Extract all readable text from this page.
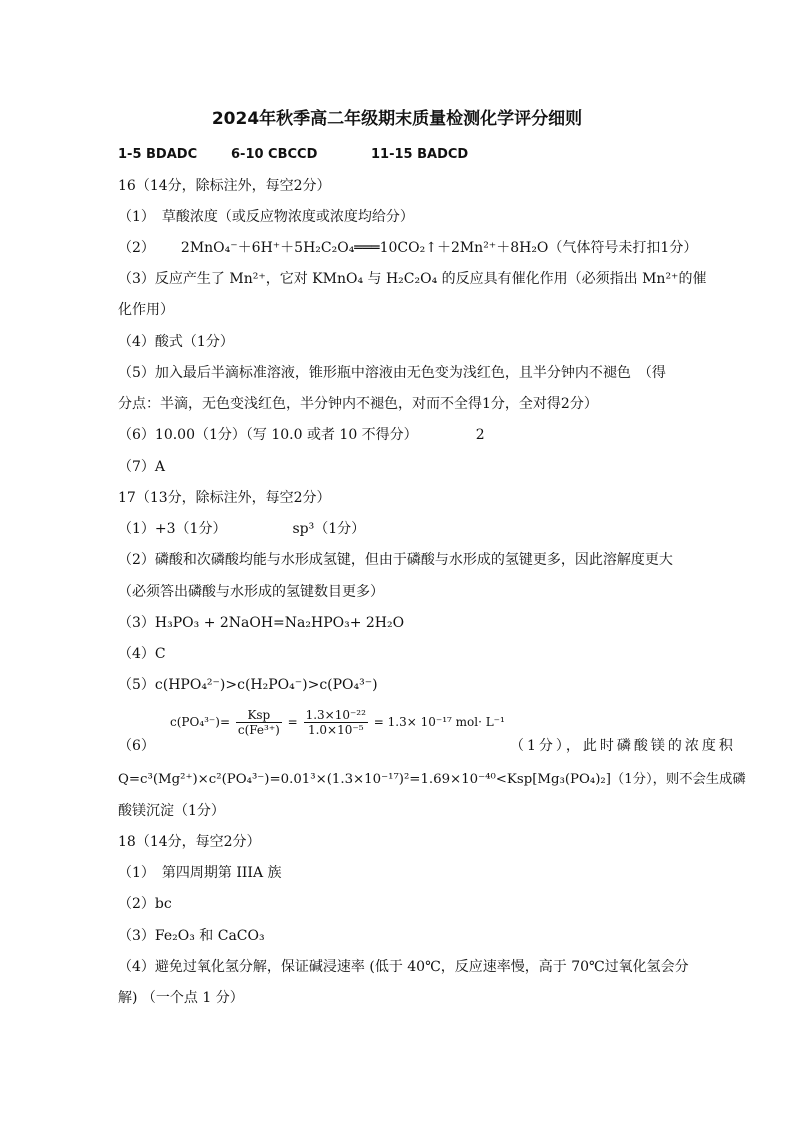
2024年秋季高二年级期末质量检测化学评分细则
1-5 BDADC	6-10 CBCCD	11-15 BADCD
16（14分，除标注外，每空2分）
（1）　草酸浓度（或反应物浓度或浓度均给分）
（2） 2MnO₄⁻＋6H⁺＋5H₂C₂O₄═══10CO₂↑＋2Mn²⁺＋8H₂O（气体符号未打扣1分）
（3）反应产生了 Mn²⁺，它对 KMnO₄ 与 H₂C₂O₄ 的反应具有催化作用（必须指出 Mn²⁺的催
化作用）
（4）酸式（1分）
（5）加入最后半滴标准溶液，锥形瓶中溶液由无色变为浅红色，且半分钟内不褪色　（得
分点：半滴，无色变浅红色，半分钟内不褪色，对而不全得1分，全对得2分）
（6）10.00（1分）（写 10.0 或者 10 不得分）	2
（7）A
17（13分，除标注外，每空2分）
（1）+3（1分）	sp³（1分）
（2）磷酸和次磷酸均能与水形成氢键，但由于磷酸与水形成的氢键更多，因此溶解度更大
（必须答出磷酸与水形成的氢键数目更多）
（3）H₃PO₃ + 2NaOH=Na₂HPO₃+ 2H₂O
（4）C
（5）c(HPO₄²⁻)>c(H₂PO₄⁻)>c(PO₄³⁻)
$c(PO_4^{3-})= \frac{\text{Ksp}}{\text{c(Fe³⁺)}} = \frac{\text{1.3×10⁻²²}}{\text{1.0×10⁻⁵}} = 1.3\times 10^{-17}$ mol· L⁻¹
（6）	（1分），此时磷酸镁的浓度积
Q=c³(Mg²⁺)×c²(PO₄³⁻)=0.01³×(1.3×10⁻¹⁷)²=1.69×10⁻⁴⁰<Ksp[Mg₃(PO₄)₂]（1分），则不会生成磷
酸镁沉淀（1分）
18（14分，每空2分）
（1）　第四周期第 IIIA 族
（2）bc
（3）Fe₂O₃ 和 CaCO₃
（4）避免过氧化氢分解，保证碱浸速率 (低于 40℃，反应速率慢，高于 70℃过氧化氢会分
解) （一个点 1 分）
